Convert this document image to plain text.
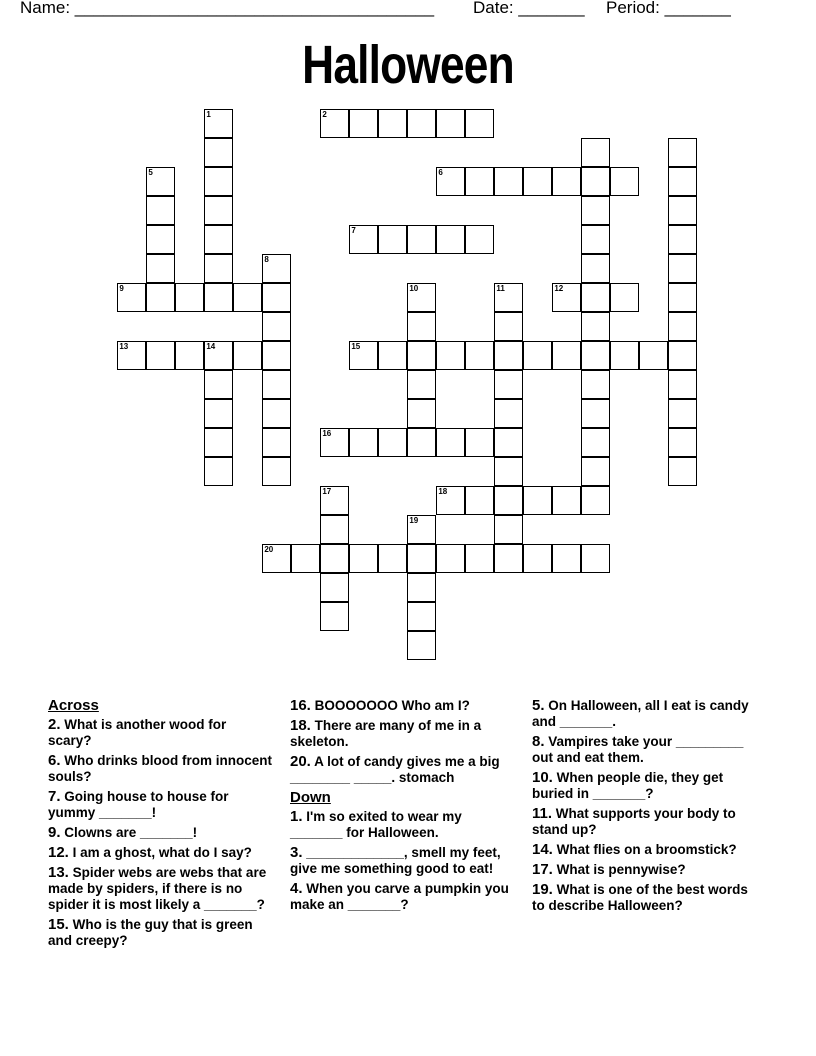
Name: ______________________________________ Date: _______ Period: _______
Halloween
1	2
5	6
7
8
9	10	11	12
13	14	15
16
17	18
19
20
Across
2. What is another wood for scary?
6. Who drinks blood from innocent souls?
7. Going house to house for yummy _______!
9. Clowns are _______!
12. I am a ghost, what do I say?
13. Spider webs are webs that are made by spiders, if there is no spider it is most likely a _______?
15. Who is the guy that is green and creepy?
16. BOOOOOOO Who am I?
18. There are many of me in a skeleton.
20. A lot of candy gives me a big ________ _____. stomach
Down
1. I'm so exited to wear my _______ for Halloween.
3. _____________, smell my feet, give me something good to eat!
4. When you carve a pumpkin you make an _______?
5. On Halloween, all I eat is candy and _______.
8. Vampires take your _________ out and eat them.
10. When people die, they get buried in _______?
11. What supports your body to stand up?
14. What flies on a broomstick?
17. What is pennywise?
19. What is one of the best words to describe Halloween?
